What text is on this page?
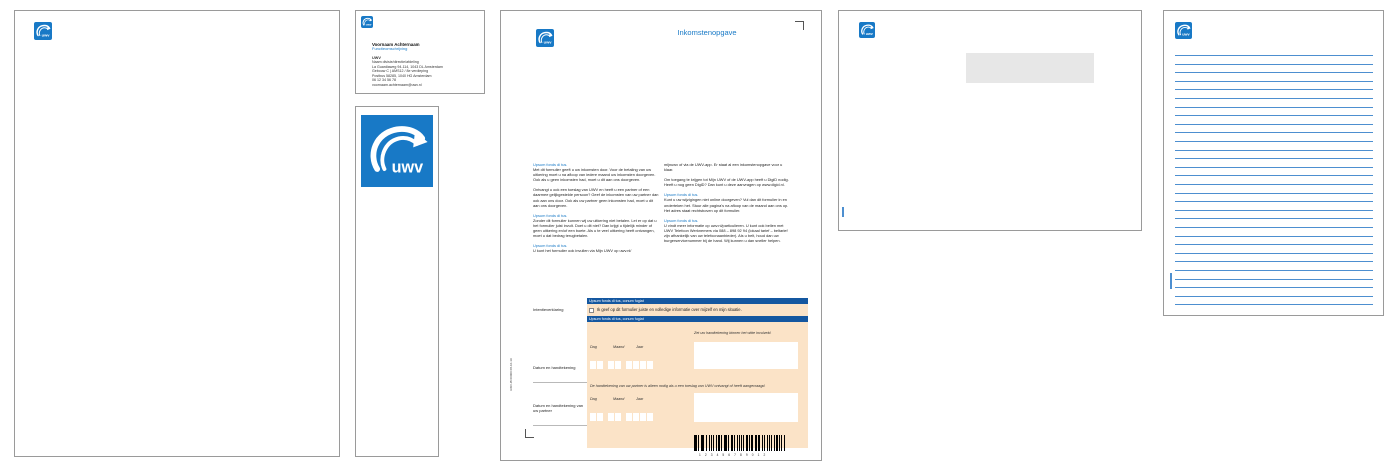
uwv
uwv
Voornaam Achternaam
Functieomschrijving
UWV
Naam divisie/directie/afdeling
La Guardiaweg 94-114, 1043 DL Amsterdam
Gebouw C | AMS12 / 8e verdieping
Postbus 58285, 1040 HG Amsterdam
06 12 34 56 78
voornaam.achternaam@uwv.nl
uwv
uwv
Inkomstenopgave
Upsum fonds di tus.
Met dit formulier geeft u uw inkomsten door. Voor de betaling van uw uitkering moet u na afloop van iedere maand uw inkomsten doorgeven. Ook als u geen inkomsten had, moet u dit aan ons doorgeven.
Ontvangt u ook een toeslag van UWV en heeft u een partner of een daarmee gelijkgestelde persoon? Geef de inkomsten van uw partner dan ook aan ons door. Ook als uw partner geen inkomsten had, moet u dit aan ons doorgeven.
Upsum fonds di tus.
Zonder dit formulier kunnen wij uw uitkering niet betalen. Let er op dat u het formulier juist invult. Doet u dit niet? Dan krijgt u tijdelijk minder of geen uitkering en/of een boete. Als u te veel uitkering heeft ontvangen, moet u dat bedrag terugbetalen.
Upsum fonds di tus.
U kunt het formulier ook invullen via Mijn UWV op uwv.nl/
mijnuwv of via de UWV-app. Er staat al een inkomstenopgave voor u klaar.
Om toegang te krijgen tot Mijn UWV of de UWV-app heeft u DigiD nodig. Heeft u nog geen DigiD? Dan kunt u deze aanvragen op www.digid.nl.
Upsum fonds di tus.
Kunt u uw wijzigingen niet online doorgeven? Vul dan dit formulier in en onderteken het. Stuur alle pagina's na afloop van de maand aan ons op. Het adres staat rechtsboven op dit formulier.
Upsum fonds di tus.
U vindt meer informatie op uwv.nl/particulieren. U kunt ook bellen met UWV Telefoon Werknemers via 088 – 898 92 94 (lokaal tarief – beltarief zijn afhankelijk van uw telefoonaanbieder). Als u belt, houd dan uw burgerservicenummer bij de hand. Wij kunnen u dan sneller helpen.
Upsum fonds di tus, conum fugiat
Intentieverklaring	Ik geef op dit formulier juiste en volledige informatie over mijzelf en mijn situatie.
Upsum fonds di tus, conum fugiat
Zet uw handtekening binnen het witte invulveld.
Dag	Maand	Jaar
Datum en handtekening
De handtekening van uw partner is alleen nodig als u een toeslag van UWV ontvangt of heeft aangevraagd.
Dag	Maand	Jaar
Datum en handtekening van uw partner
UWV-IB 00000 08-10-19
1 2 3 4 5 6 7 8 9 0 1 2
uwv	uwv
